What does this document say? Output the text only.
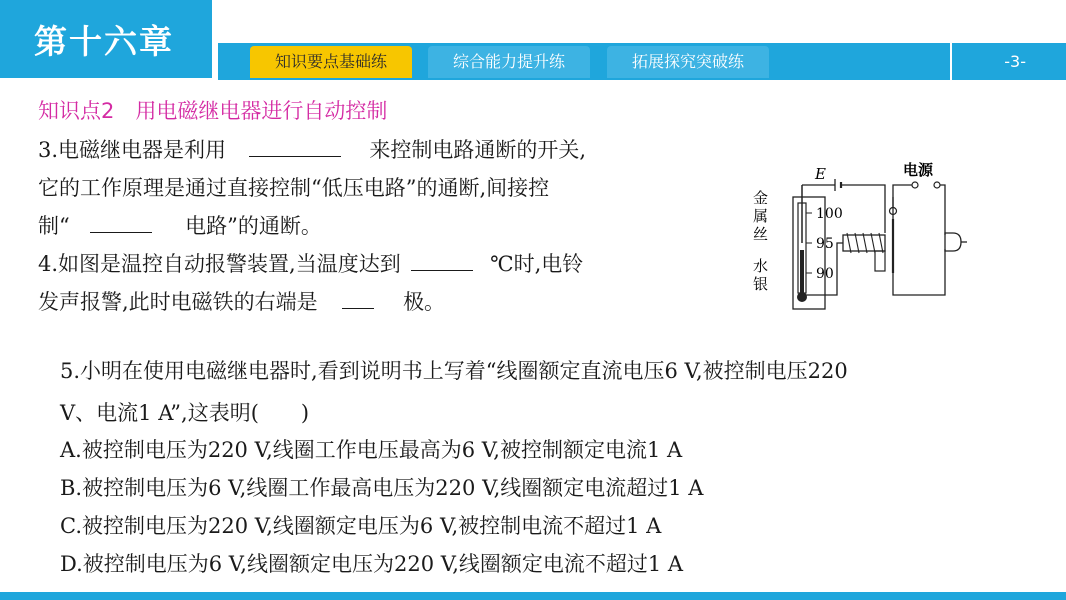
第十六章
知识要点基础练	综合能力提升练	拓展探究突破练	-3-
知识点2　用电磁继电器进行自动控制
3.电磁继电器是利用	来控制电路通断的开关,
它的工作原理是通过直接控制“低压电路”的通断,间接控
制“	电路”的通断。
4.如图是温控自动报警装置,当温度达到	℃时,电铃
发声报警,此时电磁铁的右端是	极。
金
属
丝
水
银
100
95
90
E	电源
5.小明在使用电磁继电器时,看到说明书上写着“线圈额定直流电压6 V,被控制电压220
V、电流1 A”,这表明(　　)
A.被控制电压为220 V,线圈工作电压最高为6 V,被控制额定电流1 A
B.被控制电压为6 V,线圈工作最高电压为220 V,线圈额定电流超过1 A
C.被控制电压为220 V,线圈额定电压为6 V,被控制电流不超过1 A
D.被控制电压为6 V,线圈额定电压为220 V,线圈额定电流不超过1 A
